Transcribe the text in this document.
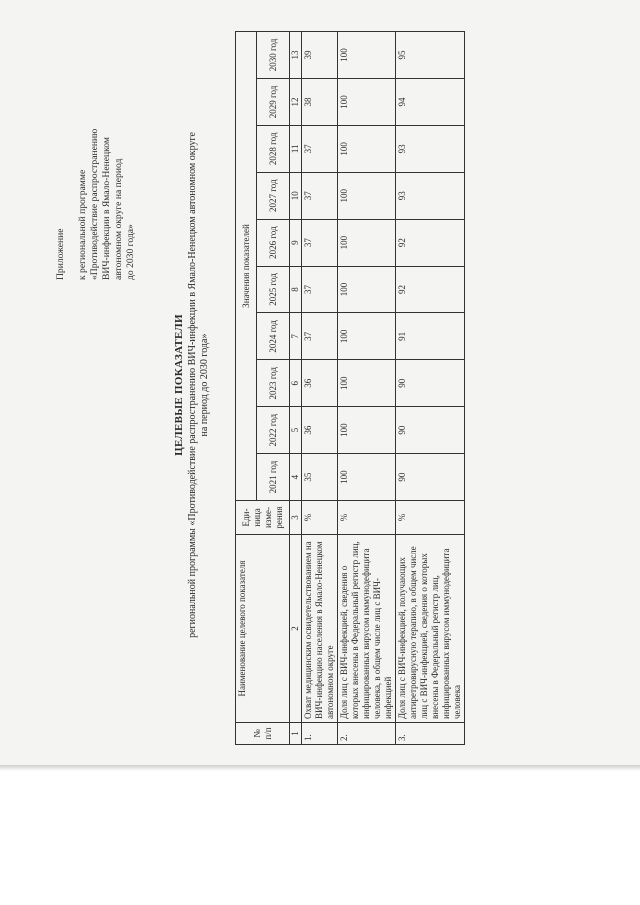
Приложение к региональной программе «Противодействие распространению ВИЧ-инфекции в Ямало-Ненецком автономном округе на период до 2030 года»
ЦЕЛЕВЫЕ ПОКАЗАТЕЛИ региональной программы «Противодействие распространению ВИЧ-инфекции в Ямало-Ненецком автономном округе на период до 2030 года»
№ п/п	Наименование целевого показателя	Еди-ница изме-рения	Значения показателей									
			2021 год	2022 год	2023 год	2024 год	2025 год	2026 год	2027 год	2028 год	2029 год	2030 год
1	2	3	4	5	6	7	8	9	10	11	12	13
1.	Охват медицинским освидетельствованием на ВИЧ-инфекцию населения в Ямало-Ненецком автономном округе	%	35	36	36	37	37	37	37	37	38	39
2.	Доля лиц с ВИЧ-инфекцией, сведения о которых внесены в Федеральный регистр лиц, инфицированных вирусом иммунодефицита человека, в общем числе лиц с ВИЧ-инфекцией	%	100	100	100	100	100	100	100	100	100	100
3.	Доля лиц с ВИЧ-инфекцией, получающих антиретровирусную терапию, в общем числе лиц с ВИЧ-инфекцией, сведения о которых внесены в Федеральный регистр лиц, инфицированных вирусом иммунодефицита человека	%	90	90	90	91	92	92	93	93	94	95
